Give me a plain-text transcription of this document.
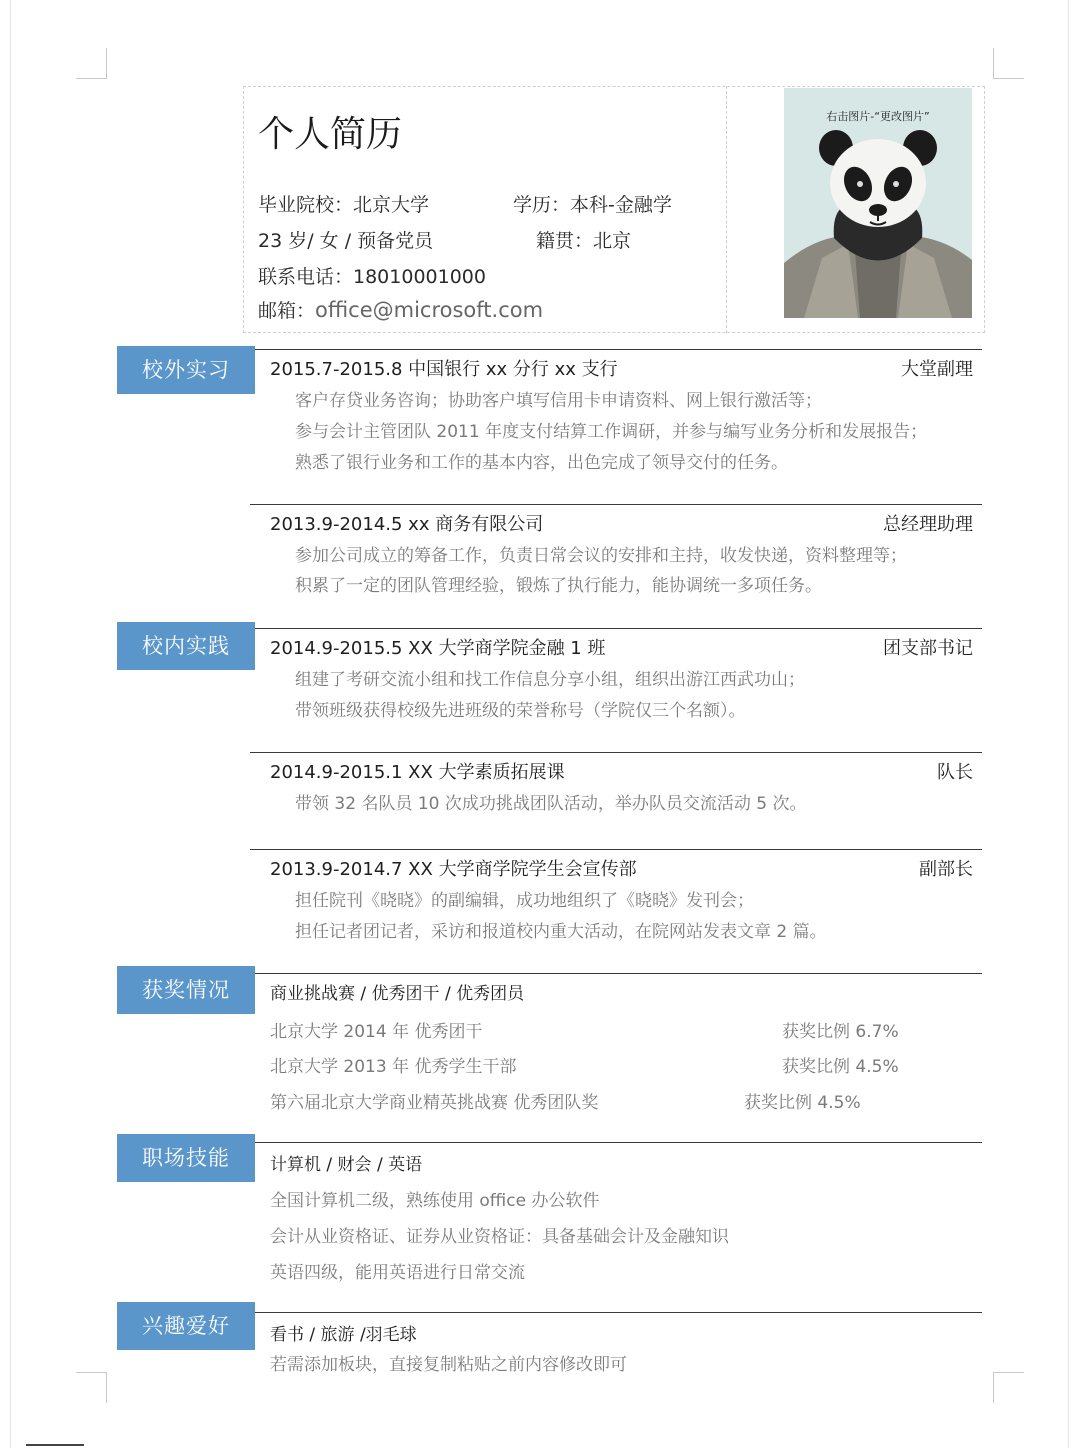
个人简历
毕业院校：北京大学	学历：本科-金融学
23 岁/ 女 / 预备党员	籍贯：北京
联系电话：18010001000
邮箱：office@microsoft.com
右击图片-“更改图片”
校外实习	2015.7-2015.8 中国银行 xx 分行 xx 支行	大堂副理
客户存贷业务咨询；协助客户填写信用卡申请资料、网上银行激活等；
参与会计主管团队 2011 年度支付结算工作调研，并参与编写业务分析和发展报告；
熟悉了银行业务和工作的基本内容，出色完成了领导交付的任务。
2013.9-2014.5 xx 商务有限公司	总经理助理
参加公司成立的筹备工作，负责日常会议的安排和主持，收发快递，资料整理等；
积累了一定的团队管理经验，锻炼了执行能力，能协调统一多项任务。
校内实践	2014.9-2015.5 XX 大学商学院金融 1 班	团支部书记
组建了考研交流小组和找工作信息分享小组，组织出游江西武功山；
带领班级获得校级先进班级的荣誉称号（学院仅三个名额）。
2014.9-2015.1 XX 大学素质拓展课	队长
带领 32 名队员 10 次成功挑战团队活动，举办队员交流活动 5 次。
2013.9-2014.7 XX 大学商学院学生会宣传部	副部长
担任院刊《晓晓》的副编辑，成功地组织了《晓晓》发刊会；
担任记者团记者，采访和报道校内重大活动，在院网站发表文章 2 篇。
获奖情况	商业挑战赛 / 优秀团干 / 优秀团员
北京大学 2014 年 优秀团干	获奖比例 6.7%
北京大学 2013 年 优秀学生干部	获奖比例 4.5%
第六届北京大学商业精英挑战赛 优秀团队奖	获奖比例 4.5%
职场技能	计算机 / 财会 / 英语
全国计算机二级，熟练使用 office 办公软件
会计从业资格证、证券从业资格证：具备基础会计及金融知识
英语四级，能用英语进行日常交流
兴趣爱好	看书 / 旅游 /羽毛球
若需添加板块，直接复制粘贴之前内容修改即可
